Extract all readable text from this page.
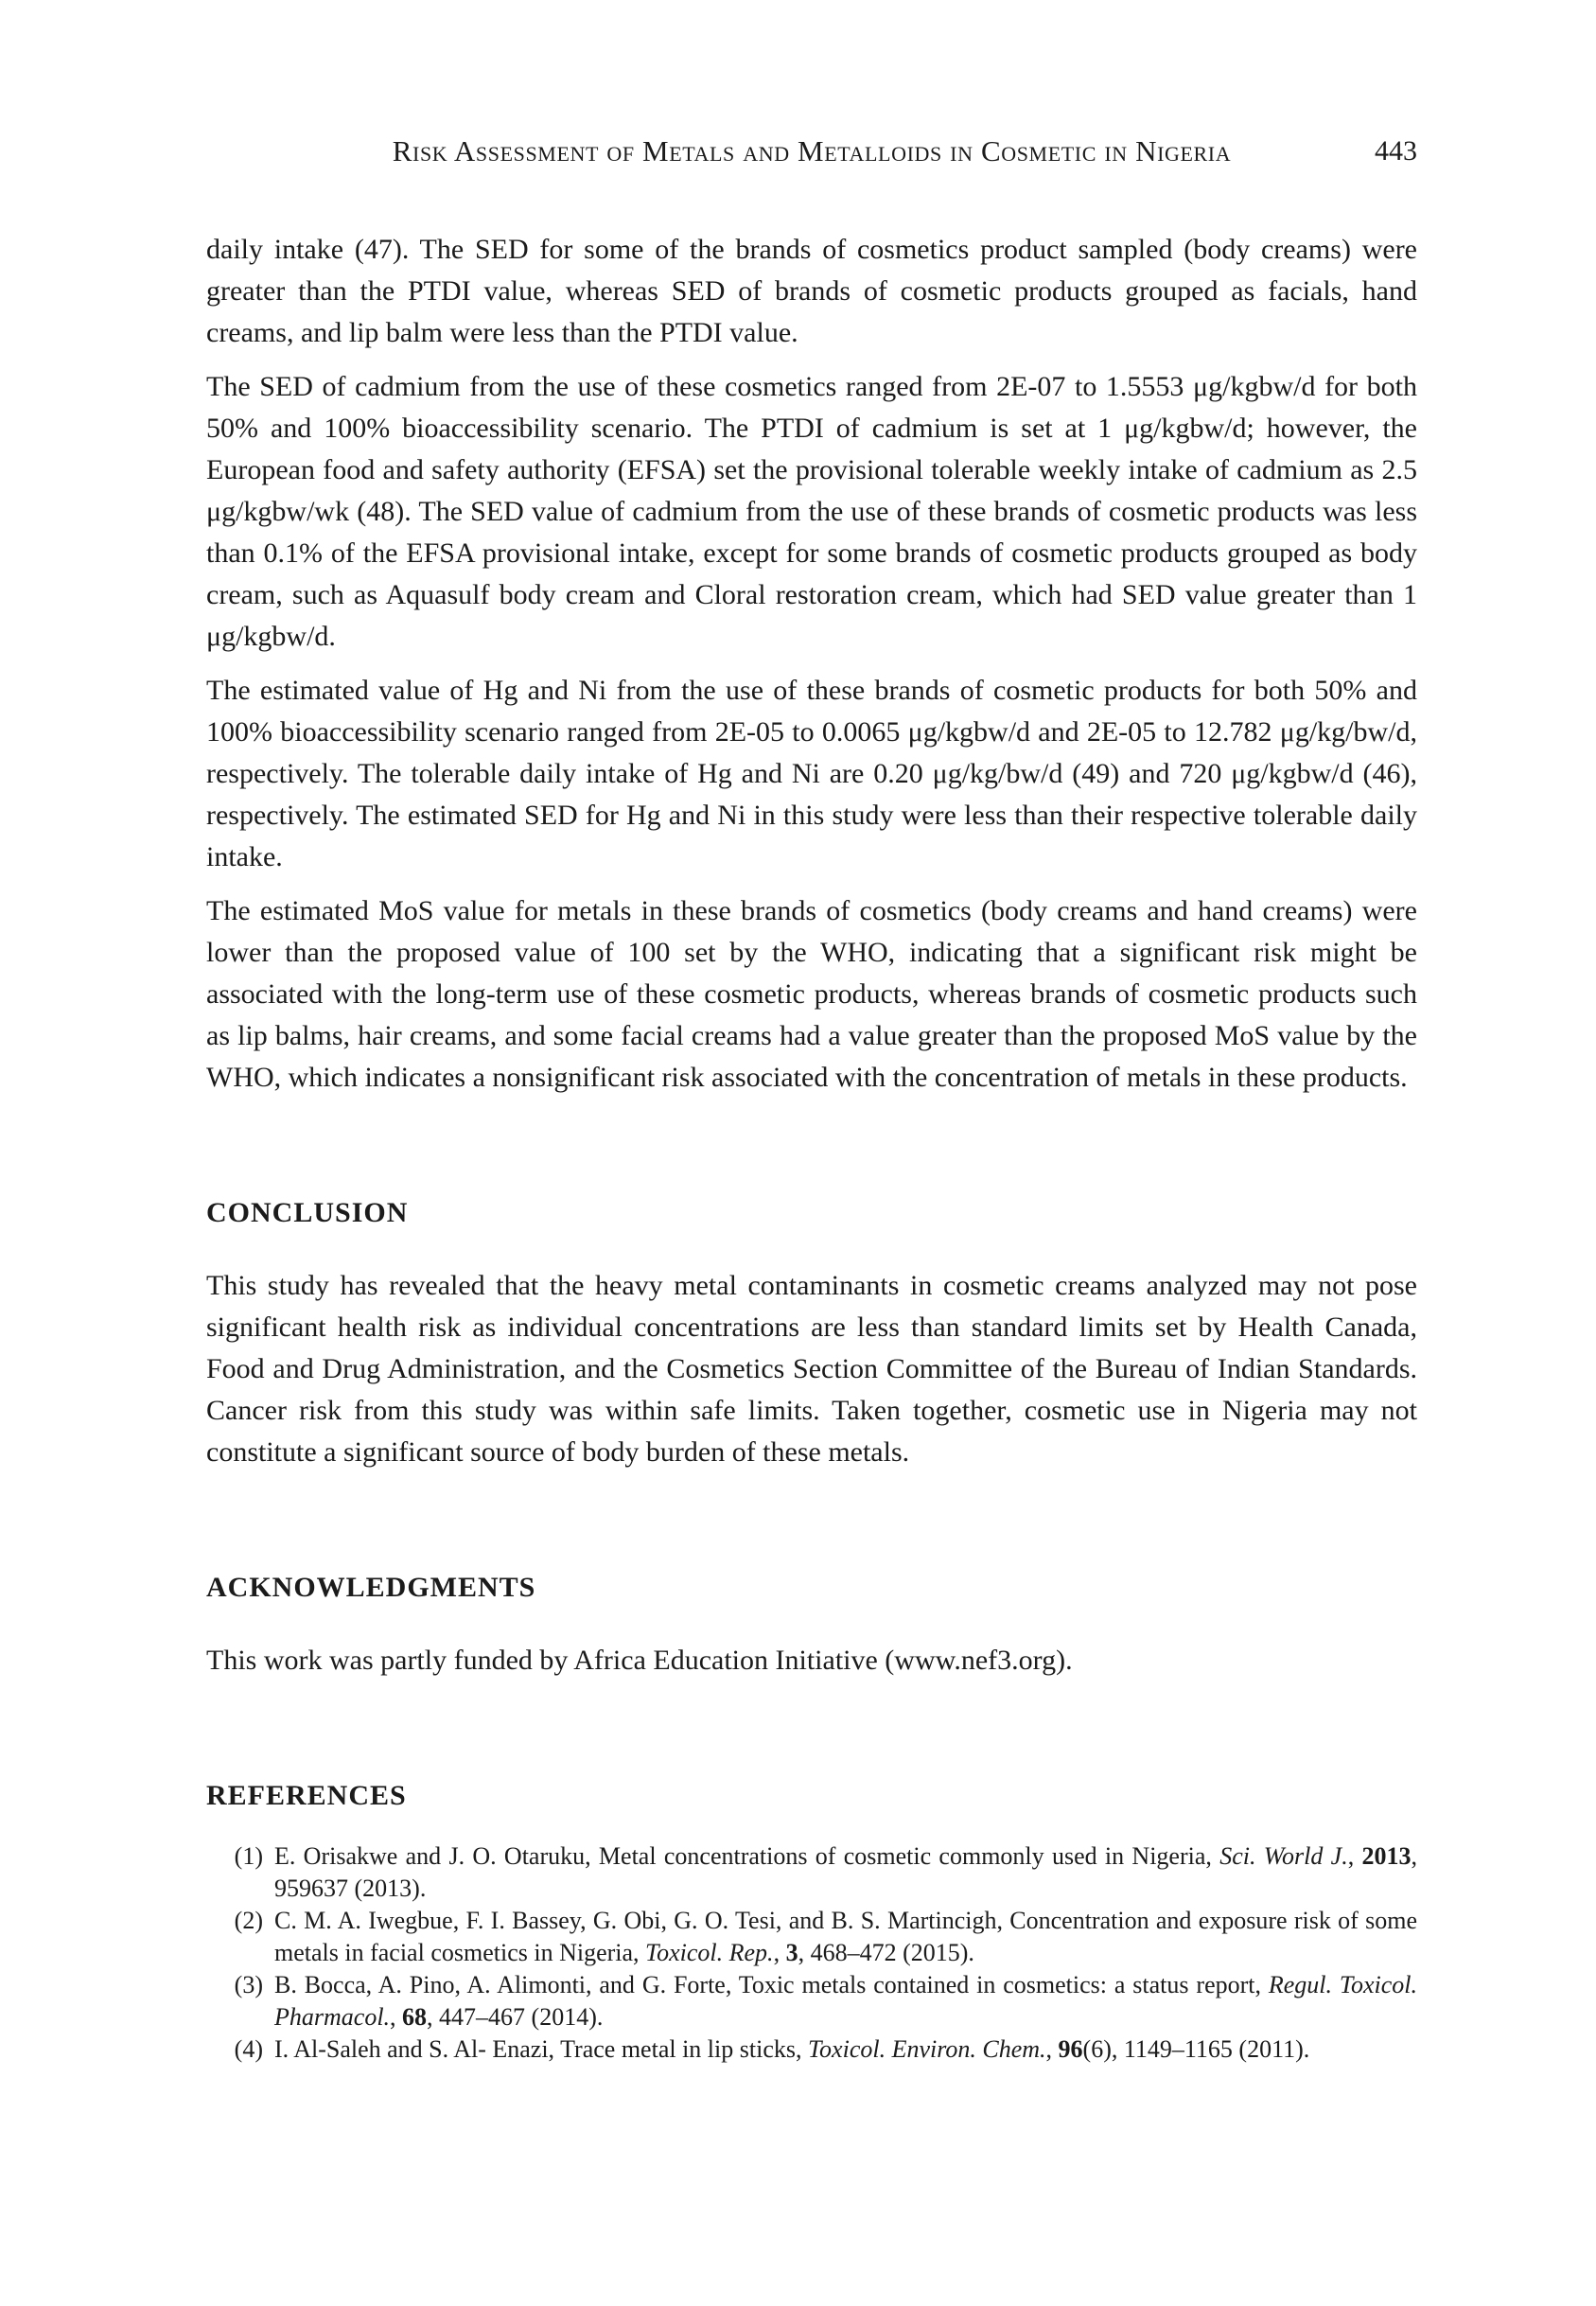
Risk Assessment of Metals and Metalloids in Cosmetic in Nigeria	443

daily intake (47). The SED for some of the brands of cosmetics product sampled (body creams) were greater than the PTDI value, whereas SED of brands of cosmetic products grouped as facials, hand creams, and lip balm were less than the PTDI value.

The SED of cadmium from the use of these cosmetics ranged from 2E-07 to 1.5553 μg/kgbw/d for both 50% and 100% bioaccessibility scenario. The PTDI of cadmium is set at 1 μg/kgbw/d; however, the European food and safety authority (EFSA) set the provisional tolerable weekly intake of cadmium as 2.5 μg/kgbw/wk (48). The SED value of cadmium from the use of these brands of cosmetic products was less than 0.1% of the EFSA provisional intake, except for some brands of cosmetic products grouped as body cream, such as Aquasulf body cream and Cloral restoration cream, which had SED value greater than 1 μg/kgbw/d.

The estimated value of Hg and Ni from the use of these brands of cosmetic products for both 50% and 100% bioaccessibility scenario ranged from 2E-05 to 0.0065 μg/kgbw/d and 2E-05 to 12.782 μg/kg/bw/d, respectively. The tolerable daily intake of Hg and Ni are 0.20 μg/kg/bw/d (49) and 720 μg/kgbw/d (46), respectively. The estimated SED for Hg and Ni in this study were less than their respective tolerable daily intake.

The estimated MoS value for metals in these brands of cosmetics (body creams and hand creams) were lower than the proposed value of 100 set by the WHO, indicating that a significant risk might be associated with the long-term use of these cosmetic products, whereas brands of cosmetic products such as lip balms, hair creams, and some facial creams had a value greater than the proposed MoS value by the WHO, which indicates a nonsignificant risk associated with the concentration of metals in these products.

CONCLUSION

This study has revealed that the heavy metal contaminants in cosmetic creams analyzed may not pose significant health risk as individual concentrations are less than standard limits set by Health Canada, Food and Drug Administration, and the Cosmetics Section Committee of the Bureau of Indian Standards. Cancer risk from this study was within safe limits. Taken together, cosmetic use in Nigeria may not constitute a significant source of body burden of these metals.

ACKNOWLEDGMENTS

This work was partly funded by Africa Education Initiative (www.nef3.org).

REFERENCES
(1) E. Orisakwe and J. O. Otaruku, Metal concentrations of cosmetic commonly used in Nigeria, Sci. World J., 2013, 959637 (2013).
(2) C. M. A. Iwegbue, F. I. Bassey, G. Obi, G. O. Tesi, and B. S. Martincigh, Concentration and exposure risk of some metals in facial cosmetics in Nigeria, Toxicol. Rep., 3, 468–472 (2015).
(3) B. Bocca, A. Pino, A. Alimonti, and G. Forte, Toxic metals contained in cosmetics: a status report, Regul. Toxicol. Pharmacol., 68, 447–467 (2014).
(4) I. Al-Saleh and S. Al- Enazi, Trace metal in lip sticks, Toxicol. Environ. Chem., 96(6), 1149–1165 (2011).
